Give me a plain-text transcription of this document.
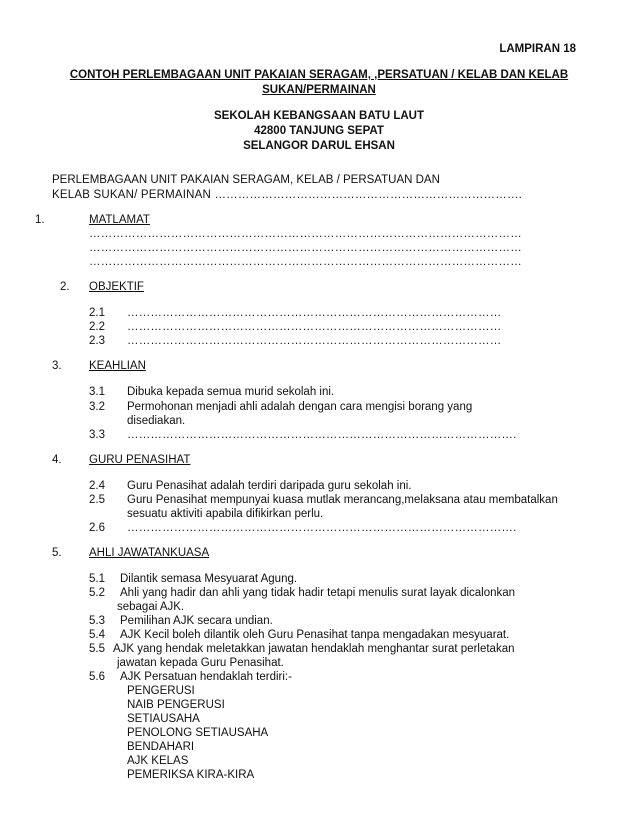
LAMPIRAN 18
CONTOH PERLEMBAGAAN UNIT PAKAIAN SERAGAM, ,PERSATUAN / KELAB DAN KELAB
SUKAN/PERMAINAN
SEKOLAH KEBANGSAAN BATU LAUT
42800 TANJUNG SEPAT
SELANGOR DARUL EHSAN
PERLEMBAGAAN UNIT PAKAIAN SERAGAM, KELAB / PERSATUAN DAN
KELAB SUKAN/ PERMAINAN …………………………………………………………………….
1.	MATLAMAT
…………………………………………………………………………………………………
…………………………………………………………………………………………………
…………………………………………………………………………………………………
2. OBJEKTIF
2.1 ……………………………………………………………………………………
2.2 ……………………………………………………………………………………
2.3 ……………………………………………………………………………………
3. KEAHLIAN
3.1 Dibuka kepada semua murid sekolah ini.
3.2 Permohonan menjadi ahli adalah dengan cara mengisi borang yang
disediakan.
3.3 ……………………………………………………………………………………….
4. GURU PENASIHAT
2.4 Guru Penasihat adalah terdiri daripada guru sekolah ini.
2.5 Guru Penasihat mempunyai kuasa mutlak merancang,melaksana atau membatalkan
sesuatu aktiviti apabila difikirkan perlu.
2.6 ……………………………………………………………………………………….
5. AHLI JAWATANKUASA
5.1 Dilantik semasa Mesyuarat Agung.
5.2 Ahli yang hadir dan ahli yang tidak hadir tetapi menulis surat layak dicalonkan
sebagai AJK.
5.3 Pemilihan AJK secara undian.
5.4 AJK Kecil boleh dilantik oleh Guru Penasihat tanpa mengadakan mesyuarat.
5.5 AJK yang hendak meletakkan jawatan hendaklah menghantar surat perletakan
jawatan kepada Guru Penasihat.
5.6 AJK Persatuan hendaklah terdiri:-
PENGERUSI
NAIB PENGERUSI
SETIAUSAHA
PENOLONG SETIAUSAHA
BENDAHARI
AJK KELAS
PEMERIKSA KIRA-KIRA
